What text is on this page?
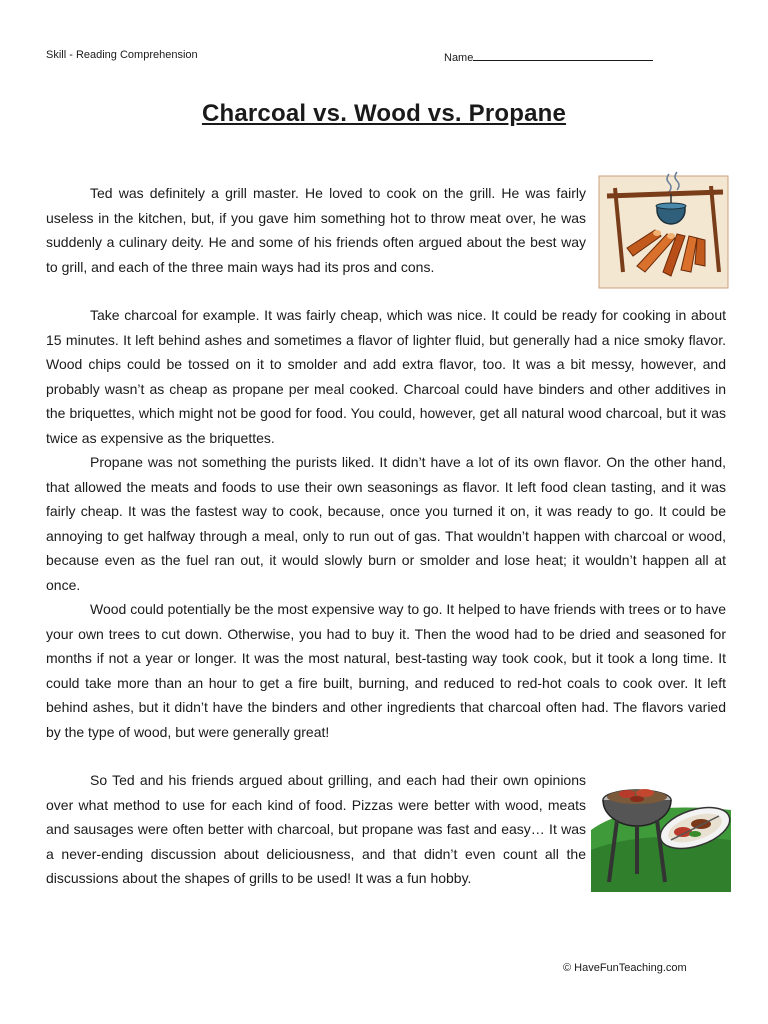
Skill - Reading Comprehension	Name
Charcoal vs. Wood vs. Propane

Ted was definitely a grill master. He loved to cook on the grill. He was fairly useless in the kitchen, but, if you gave him something hot to throw meat over, he was suddenly a culinary deity. He and some of his friends often argued about the best way to grill, and each of the three main ways had its pros and cons.

Take charcoal for example. It was fairly cheap, which was nice. It could be ready for cooking in about 15 minutes. It left behind ashes and sometimes a flavor of lighter fluid, but generally had a nice smoky flavor. Wood chips could be tossed on it to smolder and add extra flavor, too. It was a bit messy, however, and probably wasn’t as cheap as propane per meal cooked. Charcoal could have binders and other additives in the briquettes, which might not be good for food. You could, however, get all natural wood charcoal, but it was twice as expensive as the briquettes.

Propane was not something the purists liked. It didn’t have a lot of its own flavor. On the other hand, that allowed the meats and foods to use their own seasonings as flavor. It left food clean tasting, and it was fairly cheap. It was the fastest way to cook, because, once you turned it on, it was ready to go. It could be annoying to get halfway through a meal, only to run out of gas. That wouldn’t happen with charcoal or wood, because even as the fuel ran out, it would slowly burn or smolder and lose heat; it wouldn’t happen all at once.

Wood could potentially be the most expensive way to go. It helped to have friends with trees or to have your own trees to cut down. Otherwise, you had to buy it. Then the wood had to be dried and seasoned for months if not a year or longer. It was the most natural, best-tasting way took cook, but it took a long time. It could take more than an hour to get a fire built, burning, and reduced to red-hot coals to cook over. It left behind ashes, but it didn’t have the binders and other ingredients that charcoal often had. The flavors varied by the type of wood, but were generally great!

So Ted and his friends argued about grilling, and each had their own opinions over what method to use for each kind of food. Pizzas were better with wood, meats and sausages were often better with charcoal, but propane was fast and easy… It was a never-ending discussion about deliciousness, and that didn’t even count all the discussions about the shapes of grills to be used! It was a fun hobby.

© HaveFunTeaching.com
